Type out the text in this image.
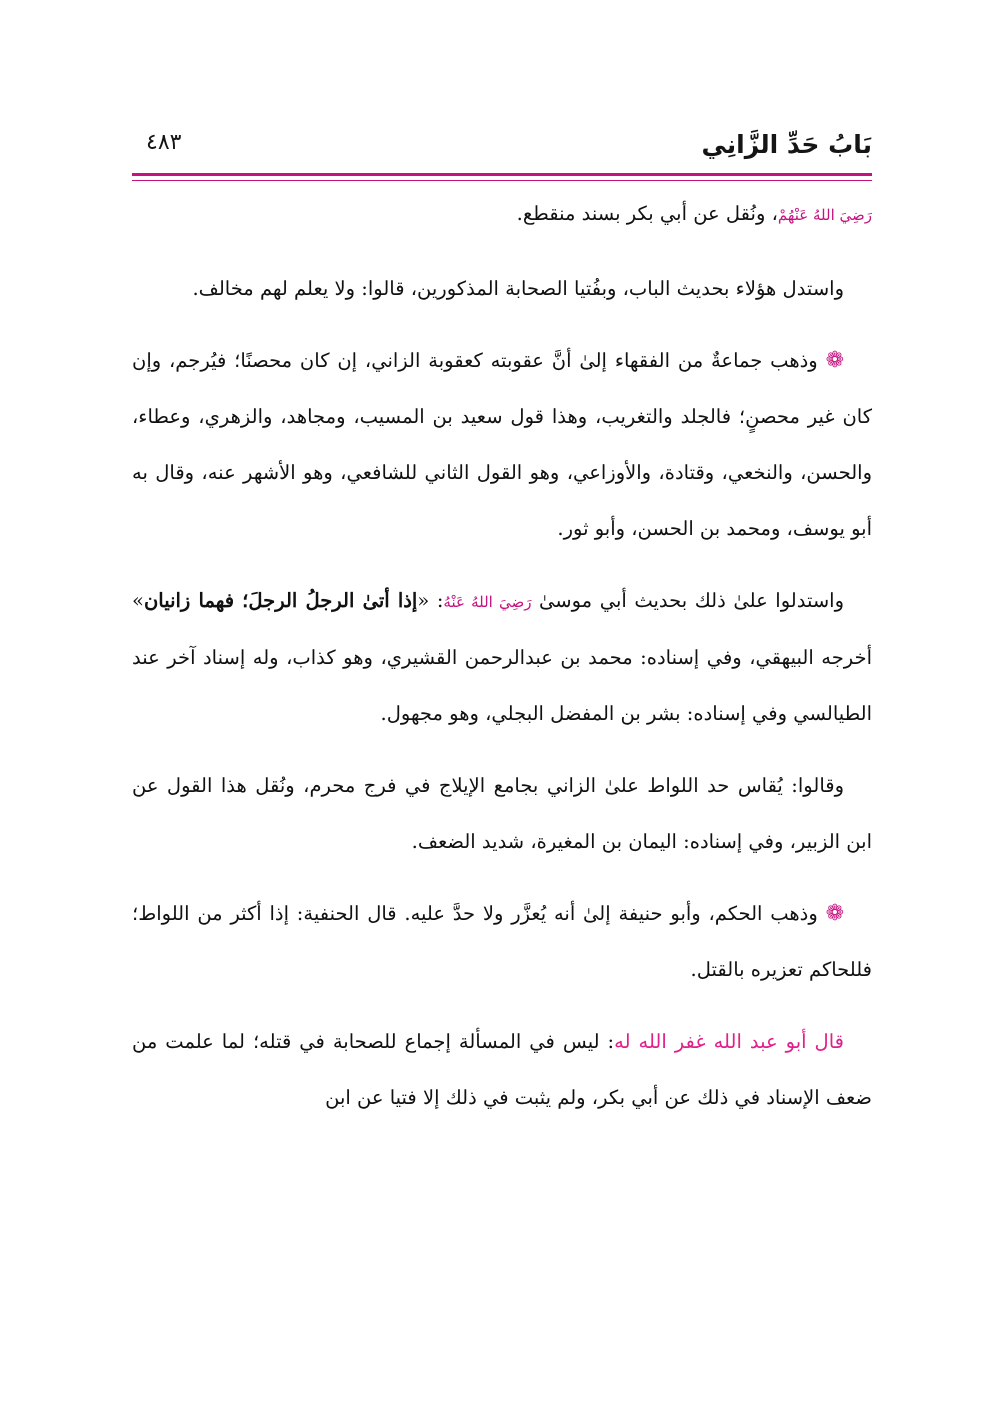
بَابُ حَدِّ الزَّانِي
٤٨٣

رَضِيَ اللهُ عَنْهُمْ، ونُقل عن أبي بكر بسند منقطع.

واستدل هؤلاء بحديث الباب، وبفُتيا الصحابة المذكورين، قالوا: ولا يعلم لهم مخالف.

❁ وذهب جماعةٌ من الفقهاء إلىٰ أنَّ عقوبته كعقوبة الزاني، إن كان محصنًا؛ فيُرجم، وإن كان غير محصنٍ؛ فالجلد والتغريب، وهذا قول سعيد بن المسيب، ومجاهد، والزهري، وعطاء، والحسن، والنخعي، وقتادة، والأوزاعي، وهو القول الثاني للشافعي، وهو الأشهر عنه، وقال به أبو يوسف، ومحمد بن الحسن، وأبو ثور.

واستدلوا علىٰ ذلك بحديث أبي موسىٰ رَضِيَ اللهُ عَنْهُ: «إذا أتىٰ الرجلُ الرجلَ؛ فهما زانيان» أخرجه البيهقي، وفي إسناده: محمد بن عبدالرحمن القشيري، وهو كذاب، وله إسناد آخر عند الطيالسي وفي إسناده: بشر بن المفضل البجلي، وهو مجهول.

وقالوا: يُقاس حد اللواط علىٰ الزاني بجامع الإيلاج في فرج محرم، ونُقل هذا القول عن ابن الزبير، وفي إسناده: اليمان بن المغيرة، شديد الضعف.

❁ وذهب الحكم، وأبو حنيفة إلىٰ أنه يُعزَّر ولا حدَّ عليه. قال الحنفية: إذا أكثر من اللواط؛ فللحاكم تعزيره بالقتل.

قال أبو عبد الله غفر الله له: ليس في المسألة إجماع للصحابة في قتله؛ لما علمت من ضعف الإسناد في ذلك عن أبي بكر، ولم يثبت في ذلك إلا فتيا عن ابن
